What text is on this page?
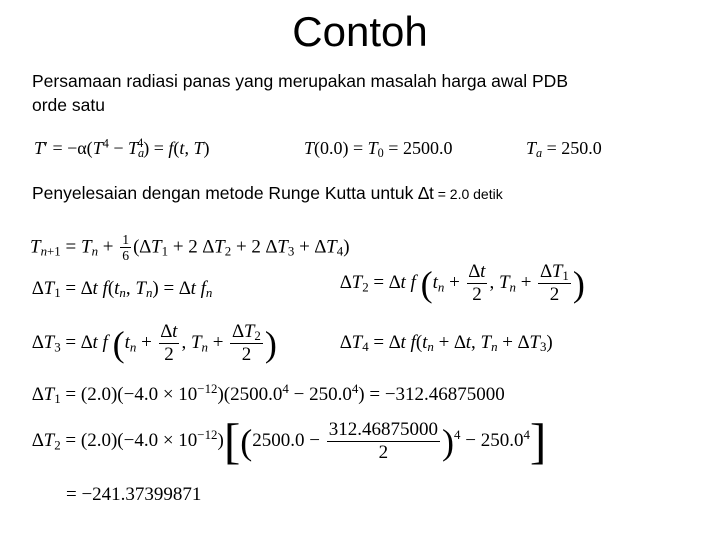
Contoh
Persamaan radiasi panas yang merupakan masalah harga awal PDB
orde satu
$T' = -\alpha(T^4 - T_a^4) = f(t$, T)	$T(0.0) = T_0 = 2500.0$	$T_a = 250.0$
Penyelesaian dengan metode Runge Kutta untuk ∆t = 2.0 detik
$T_{n+1} = T_n + \frac{1}{6} (\Delta T_1 + 2$ $\Delta T_2 + 2$ $\Delta T_3 + \Delta T_4$)
$\Delta T_1 = \Delta t$ $f(t_n$, $T_n) = \Delta t$ $f_n$	$\Delta T_2 = \Delta t$ f ($t_n + \frac{\Delta t}{2}$ , $T_n + \frac{\Delta T_1}{2}$ )
$\Delta T_3 = \Delta t$ f ($t_n + \frac{\Delta t}{2}$ , $T_n + \frac{\Delta T_2}{2}$ )	$\Delta T_4 = \Delta t$ $f(t_n + \Delta t$, $T_n + \Delta T_3$)
$\Delta T_1 = (2.0)(-4.0 \times 10^{-12})(2500.0^4 - 250.0^4) = -312.46875000$
$\Delta T_2 = (2.0)(-4.0 \times 10^{-12})[(2500.0 - \frac{312.46875000}{2} )^4 - 250.0^4]$
= −241.37399871
